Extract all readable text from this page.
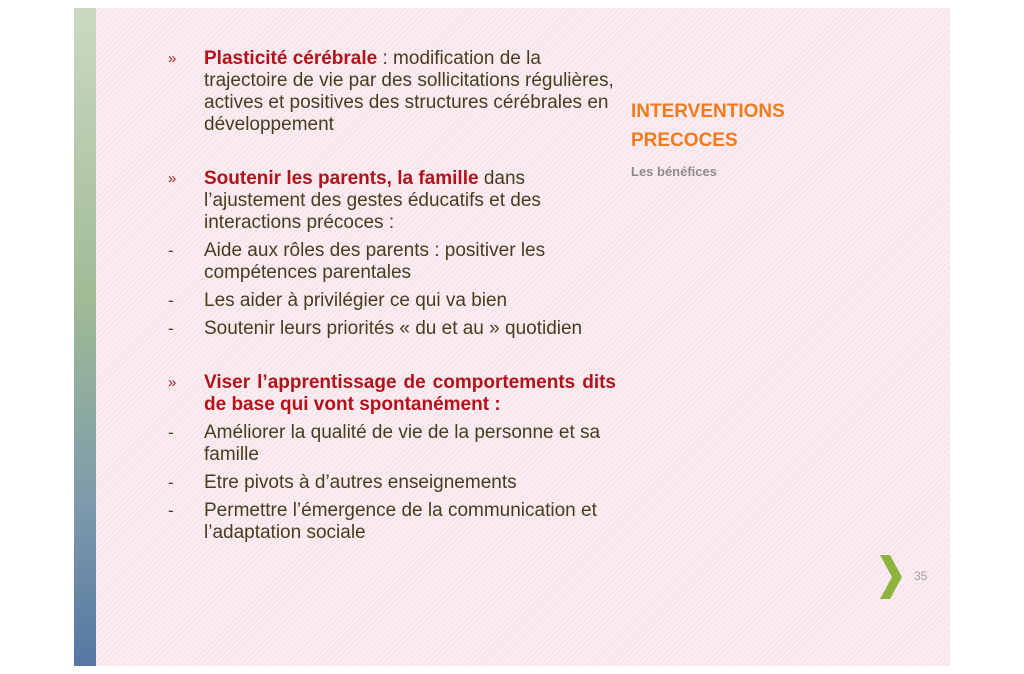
»	Plasticité cérébrale : modification de la trajectoire de vie par des sollicitations régulières, actives et positives des structures cérébrales en développement
»	Soutenir les parents, la famille dans l’ajustement des gestes éducatifs et des interactions précoces :
-	Aide aux rôles des parents : positiver les compétences parentales
-	Les aider à privilégier ce qui va bien
-	Soutenir leurs priorités « du et au » quotidien
»	Viser l’apprentissage de comportements dits de base qui vont spontanément :
-	Améliorer la qualité de vie de la personne et sa famille
-	Etre pivots à d’autres enseignements
-	Permettre l’émergence de la communication et l’adaptation sociale
INTERVENTIONS
PRECOCES
Les bénéfices
35
